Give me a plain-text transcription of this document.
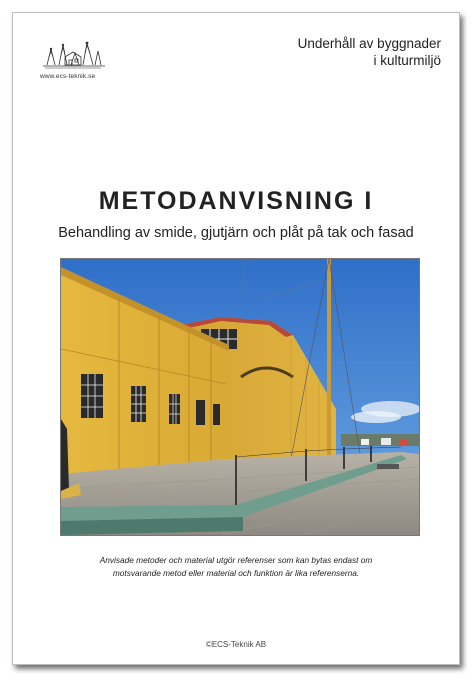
www.ecs-teknik.se
Underhåll av byggnader
i kulturmiljö
METODANVISNING I
Behandling av smide, gjutjärn och plåt på tak och fasad
Anvisade metoder och material utgör referenser som kan bytas endast om
motsvarande metod eller material och funktion är lika referenserna.
©ECS-Teknik AB
